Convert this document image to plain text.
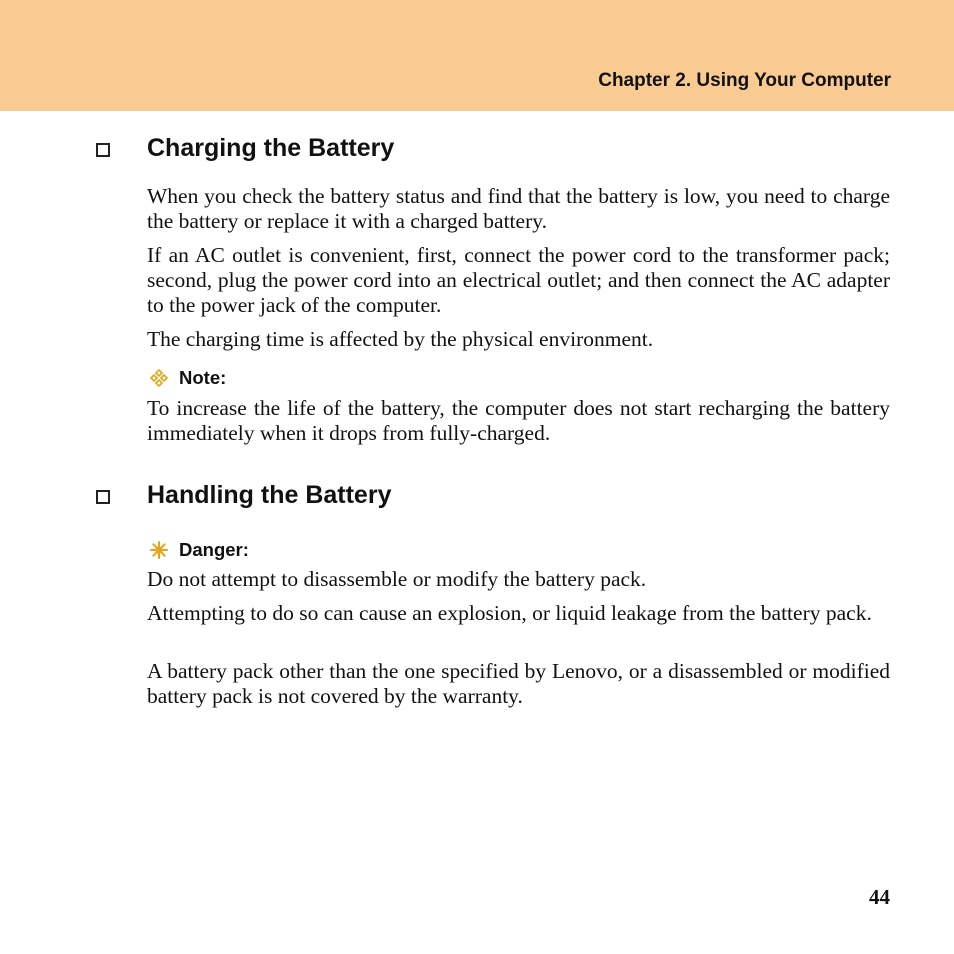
Chapter 2. Using Your Computer
Charging the Battery

When you check the battery status and find that the battery is low, you need to charge the battery or replace it with a charged battery.

If an AC outlet is convenient, first, connect the power cord to the transformer pack; second, plug the power cord into an electrical outlet; and then connect the AC adapter to the power jack of the computer.

The charging time is affected by the physical environment.

Note:

To increase the life of the battery, the computer does not start recharging the battery immediately when it drops from fully-charged.

Handling the Battery
Danger:

Do not attempt to disassemble or modify the battery pack.

Attempting to do so can cause an explosion, or liquid leakage from the battery pack.

A battery pack other than the one specified by Lenovo, or a disassembled or modified battery pack is not covered by the warranty.

44
